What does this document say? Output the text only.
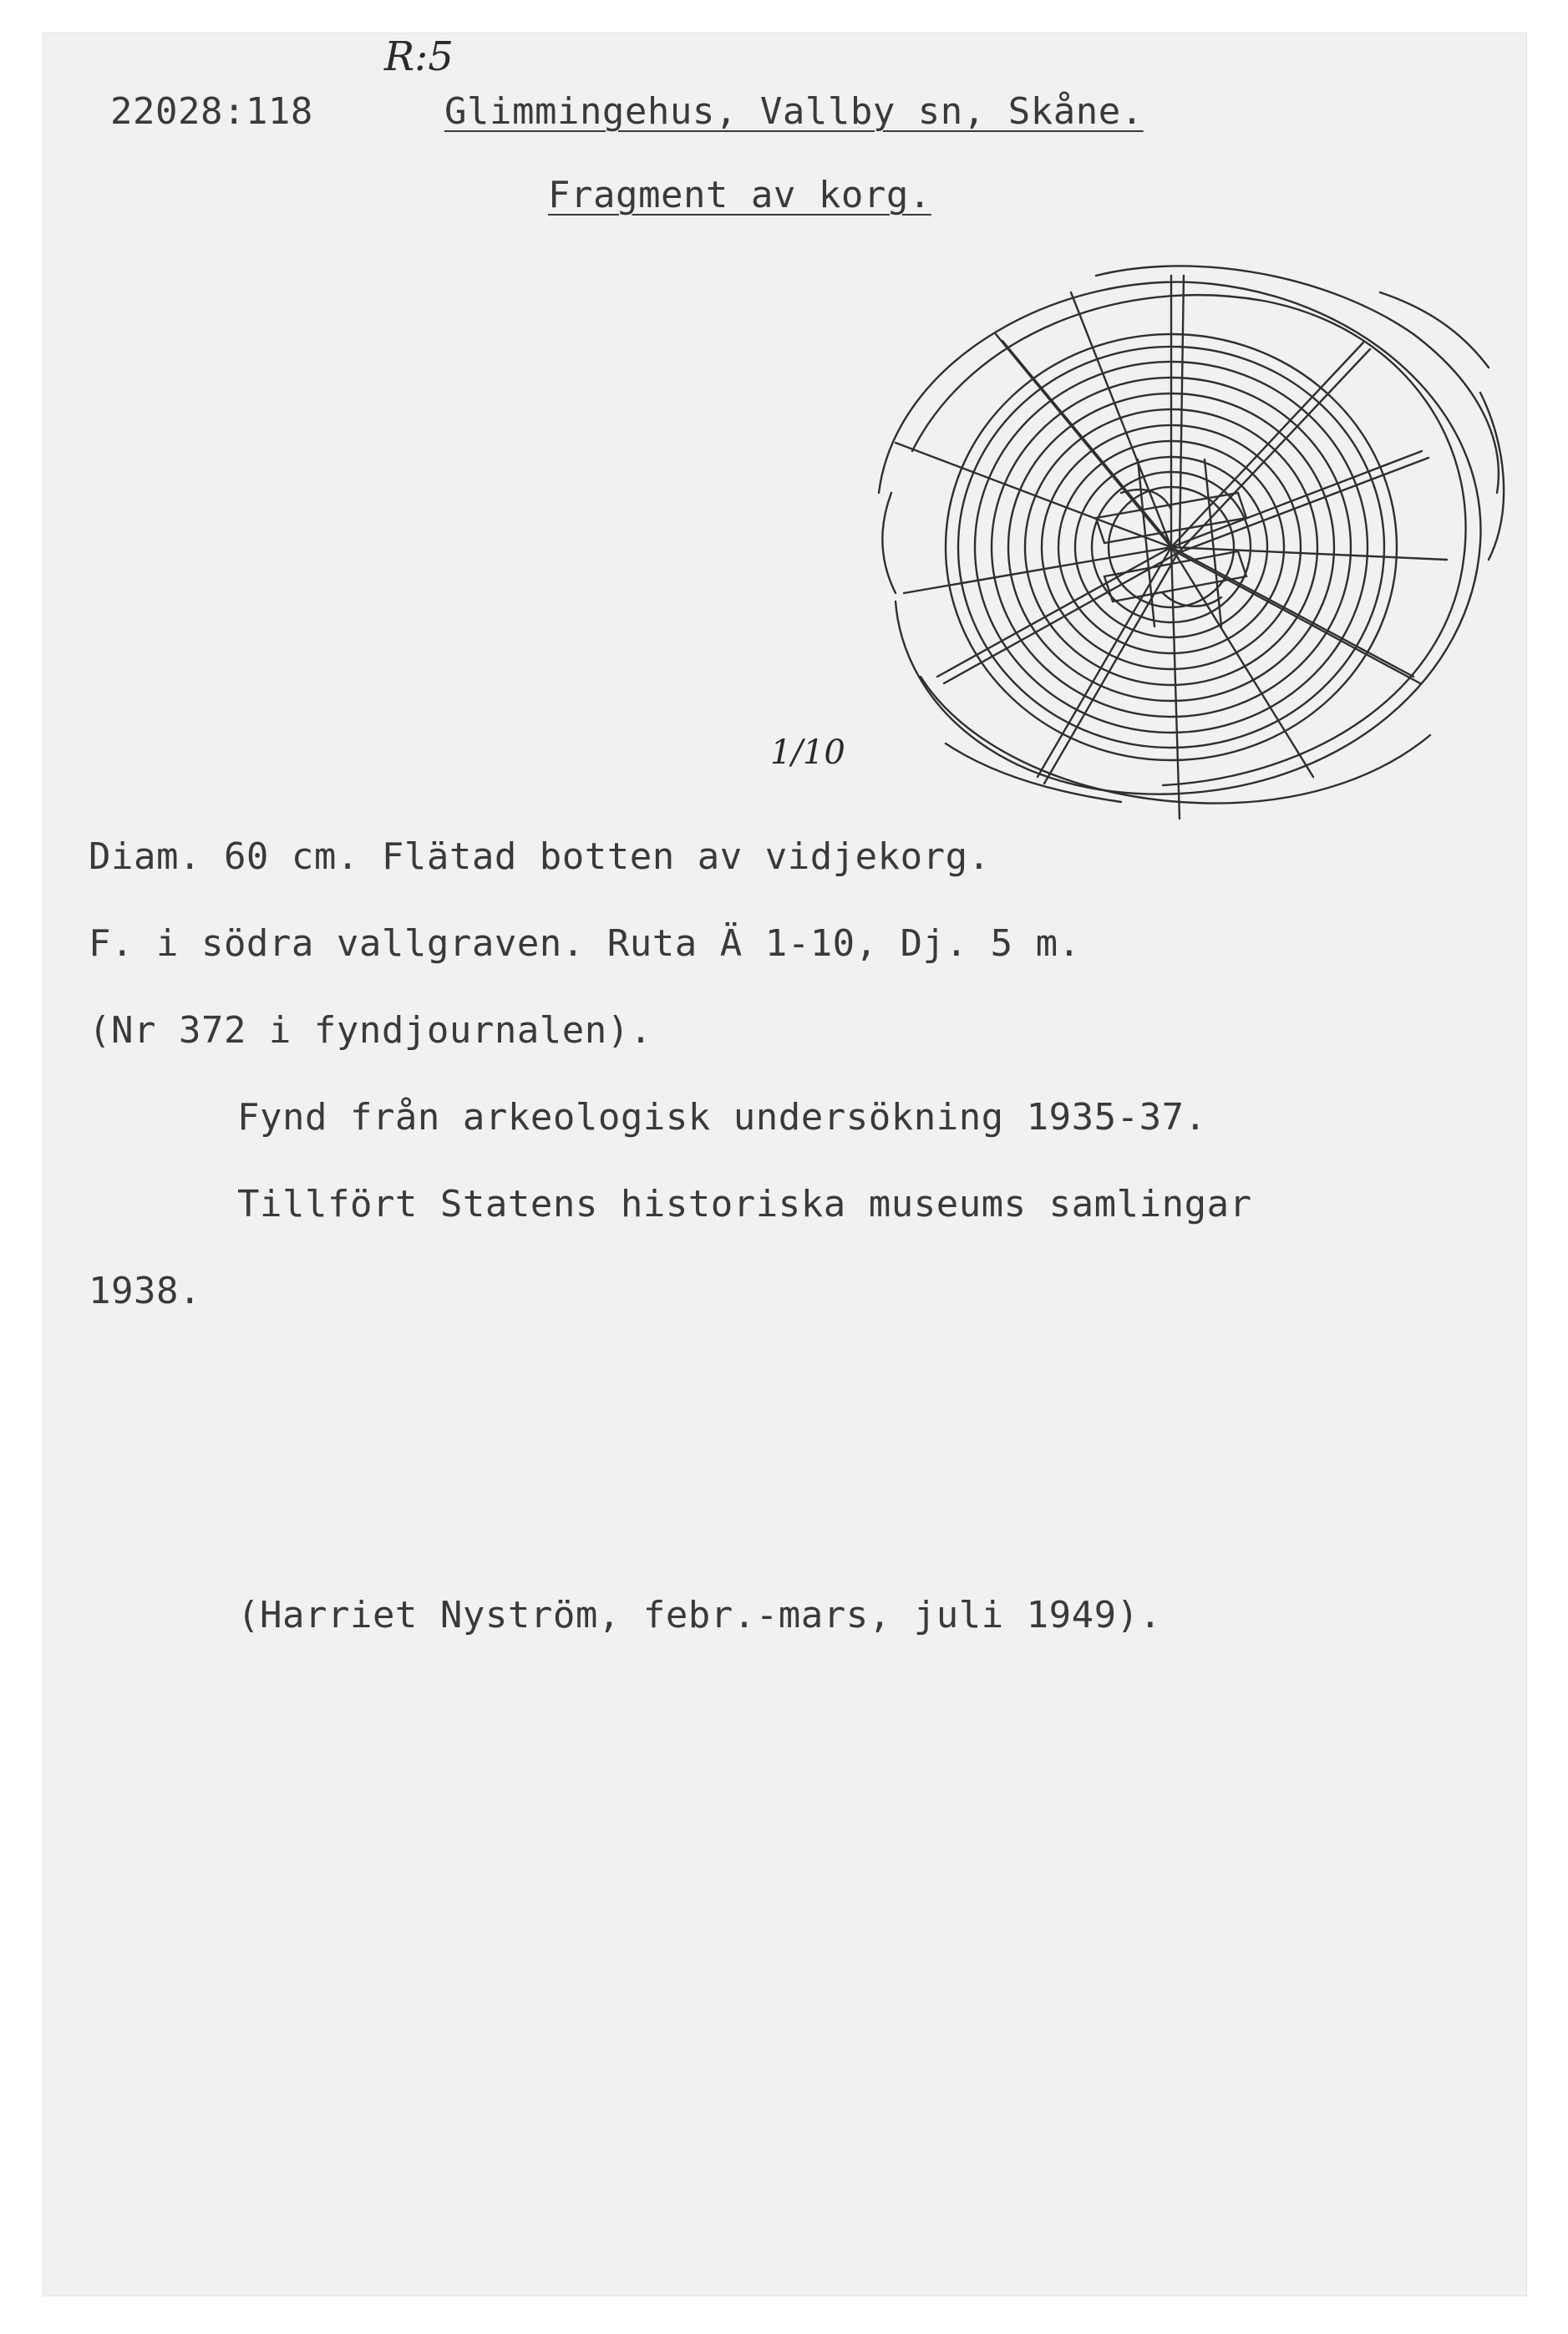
R:5
22028:118	Glimmingehus, Vallby sn, Skåne.
Fragment av korg.
1/10
Diam. 60 cm. Flätad botten av vidjekorg.
F. i södra vallgraven. Ruta Ä 1-10, Dj. 5 m.
(Nr 372 i fyndjournalen).
Fynd från arkeologisk undersökning 1935-37.
Tillfört Statens historiska museums samlingar
1938.
(Harriet Nyström, febr.-mars, juli 1949).
